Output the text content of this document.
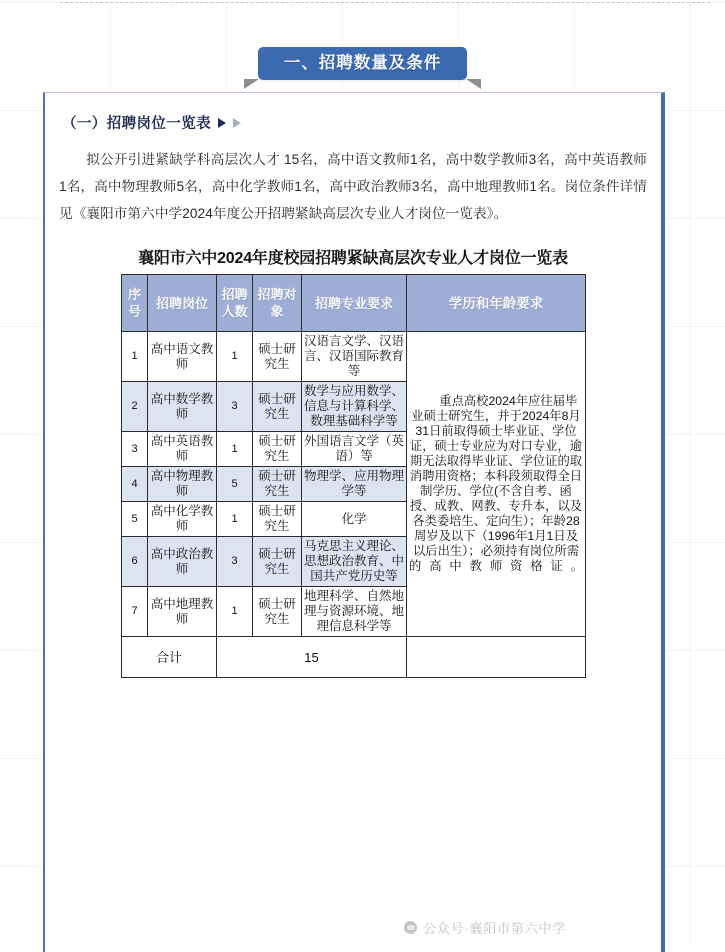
一、招聘数量及条件
（一）招聘岗位一览表

拟公开引进紧缺学科高层次人才 15名，高中语文教师1名，高中数学教师3名，高中英语教师1名，高中物理教师5名，高中化学教师1名，高中政治教师3名，高中地理教师1名。岗位条件详情见《襄阳市第六中学2024年度公开招聘紧缺高层次专业人才岗位一览表》。

襄阳市六中2024年度校园招聘紧缺高层次专业人才岗位一览表
序号	招聘岗位	招聘人数	招聘对象	招聘专业要求	学历和年龄要求
1	高中语文教师	1	硕士研究生	汉语言文学、汉语言、汉语国际教育等	重点高校2024年应往届毕业硕士研究生，并于2024年8月31日前取得硕士毕业证、学位证，硕士专业应为对口专业，逾期无法取得毕业证、学位证的取消聘用资格；本科段须取得全日制学历、学位(不含自考、函授、成教、网教、专升本，以及各类委培生、定向生）；年龄28周岁及以下（1996年1月1日及以后出生）；必须持有岗位所需的高中教师资格证。
2	高中数学教师	3	硕士研究生	数学与应用数学、信息与计算科学、数理基础科学等	
3	高中英语教师	1	硕士研究生	外国语言文学（英语）等	
4	高中物理教师	5	硕士研究生	物理学、应用物理学等	
5	高中化学教师	1	硕士研究生	化学	
6	高中政治教师	3	硕士研究生	马克思主义理论、思想政治教育、中国共产党历史等	
7	高中地理教师	1	硕士研究生	地理科学、自然地理与资源环境、地理信息科学等	
合计		15			
公众号·襄阳市第六中学
